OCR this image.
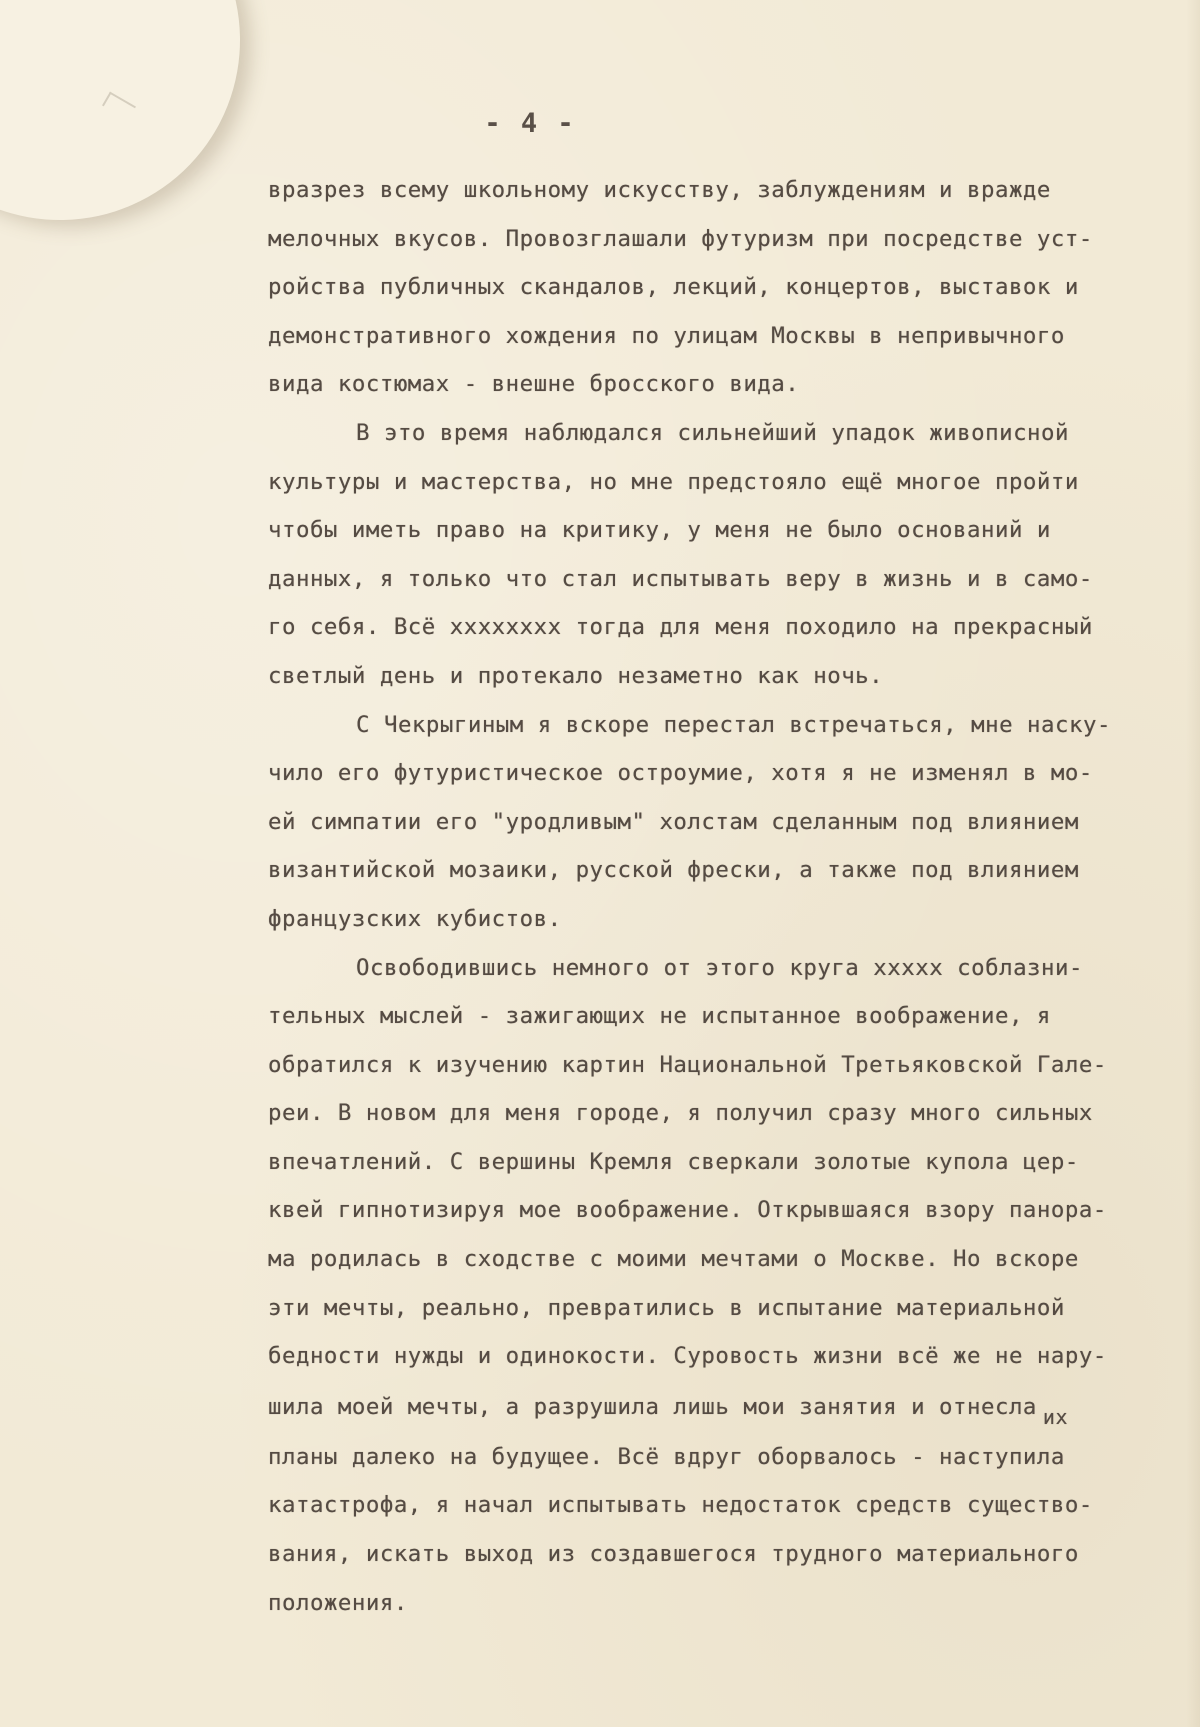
- 4 -
вразрез всему школьному искусству, заблуждениям и вражде
мелочных вкусов. Провозглашали футуризм при посредстве уст-
ройства публичных скандалов, лекций, концертов, выставок и
демонстративного хождения по улицам Москвы в непривычного
вида костюмах - внешне бросского вида.
В это время наблюдался сильнейший упадок живописной
культуры и мастерства, но мне предстояло ещё многое пройти
чтобы иметь право на критику, у меня не было оснований и
данных, я только что стал испытывать веру в жизнь и в само-
го себя. Всё хххххххх тогда для меня походило на прекрасный
светлый день и протекало незаметно как ночь.
С Чекрыгиным я вскоре перестал встречаться, мне наску-
чило его футуристическое остроумие, хотя я не изменял в мо-
ей симпатии его "уродливым" холстам сделанным под влиянием
византийской мозаики, русской фрески, а также под влиянием
французских кубистов.
Освободившись немного от этого круга ххххх соблазни-
тельных мыслей - зажигающих не испытанное воображение, я
обратился к изучению картин Национальной Третьяковской Гале-
реи. В новом для меня городе, я получил сразу много сильных
впечатлений. С вершины Кремля сверкали золотые купола цер-
квей гипнотизируя мое воображение. Открывшаяся взору панора-
ма родилась в сходстве с моими мечтами о Москве. Но вскоре
эти мечты, реально, превратились в испытание материальной
бедности нужды и одинокости. Суровость жизни всё же не нару-
шила моей мечты, а разрушила лишь мои занятия и отнесла их
планы далеко на будущее. Всё вдруг оборвалось - наступила
катастрофа, я начал испытывать недостаток средств существо-
вания, искать выход из создавшегося трудного материального
положения.
